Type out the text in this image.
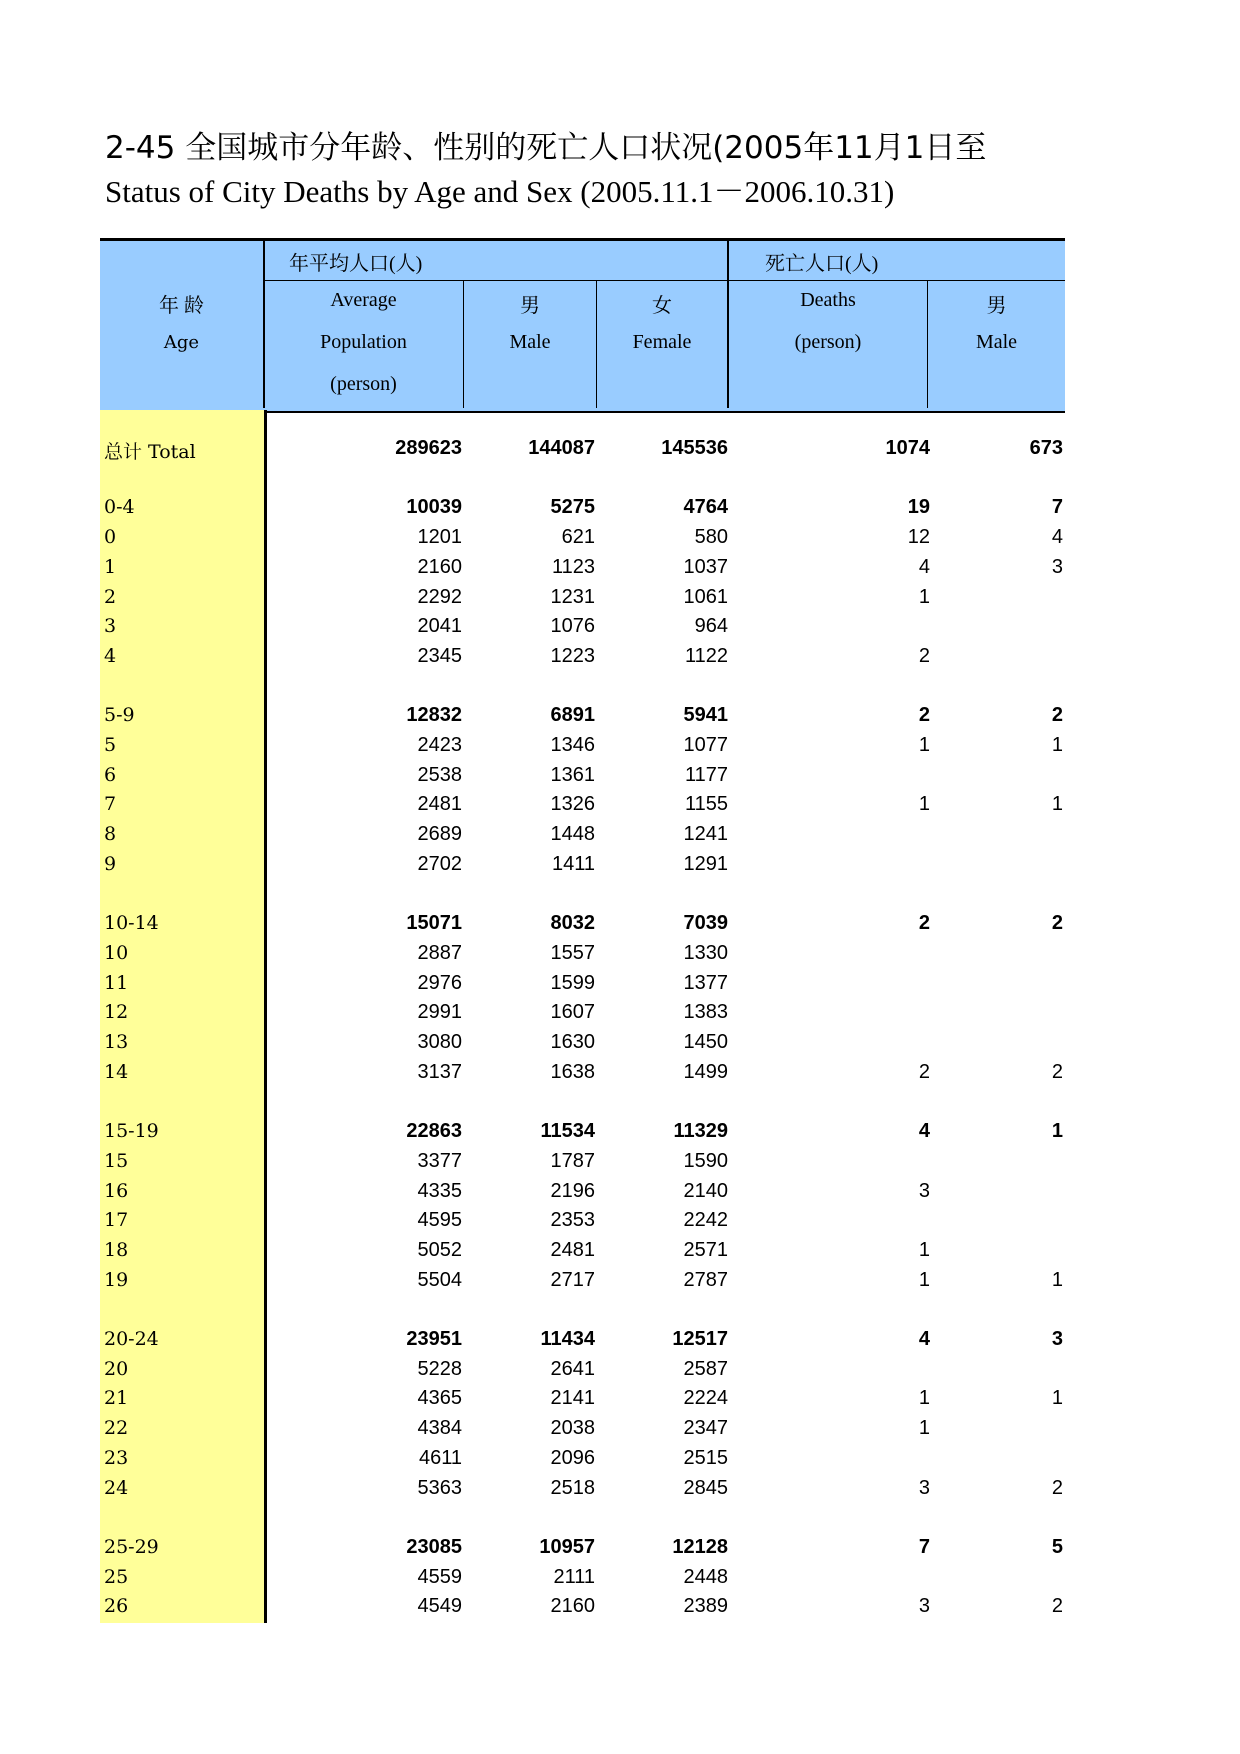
2-45 全国城市分年龄、性别的死亡人口状况(2005年11月1日至
Status of City Deaths by Age and Sex (2005.11.1－2006.10.31)
年 龄
Age
年平均人口(人)
Average
Population
(person)
男
Male
女
Female
死亡人口(人)
Deaths
(person)
男
Male
总计 Total	289623	144087	145536	1074	673
0-4	10039	5275	4764	19	7
0	1201	621	580	12	4
1	2160	1123	1037	4	3
2	2292	1231	1061	1
3	2041	1076	964
4	2345	1223	1122	2
5-9	12832	6891	5941	2	2
5	2423	1346	1077	1	1
6	2538	1361	1177
7	2481	1326	1155	1	1
8	2689	1448	1241
9	2702	1411	1291
10-14	15071	8032	7039	2	2
10	2887	1557	1330
11	2976	1599	1377
12	2991	1607	1383
13	3080	1630	1450
14	3137	1638	1499	2	2
15-19	22863	11534	11329	4	1
15	3377	1787	1590
16	4335	2196	2140	3
17	4595	2353	2242
18	5052	2481	2571	1
19	5504	2717	2787	1	1
20-24	23951	11434	12517	4	3
20	5228	2641	2587
21	4365	2141	2224	1	1
22	4384	2038	2347	1
23	4611	2096	2515
24	5363	2518	2845	3	2
25-29	23085	10957	12128	7	5
25	4559	2111	2448
26	4549	2160	2389	3	2
